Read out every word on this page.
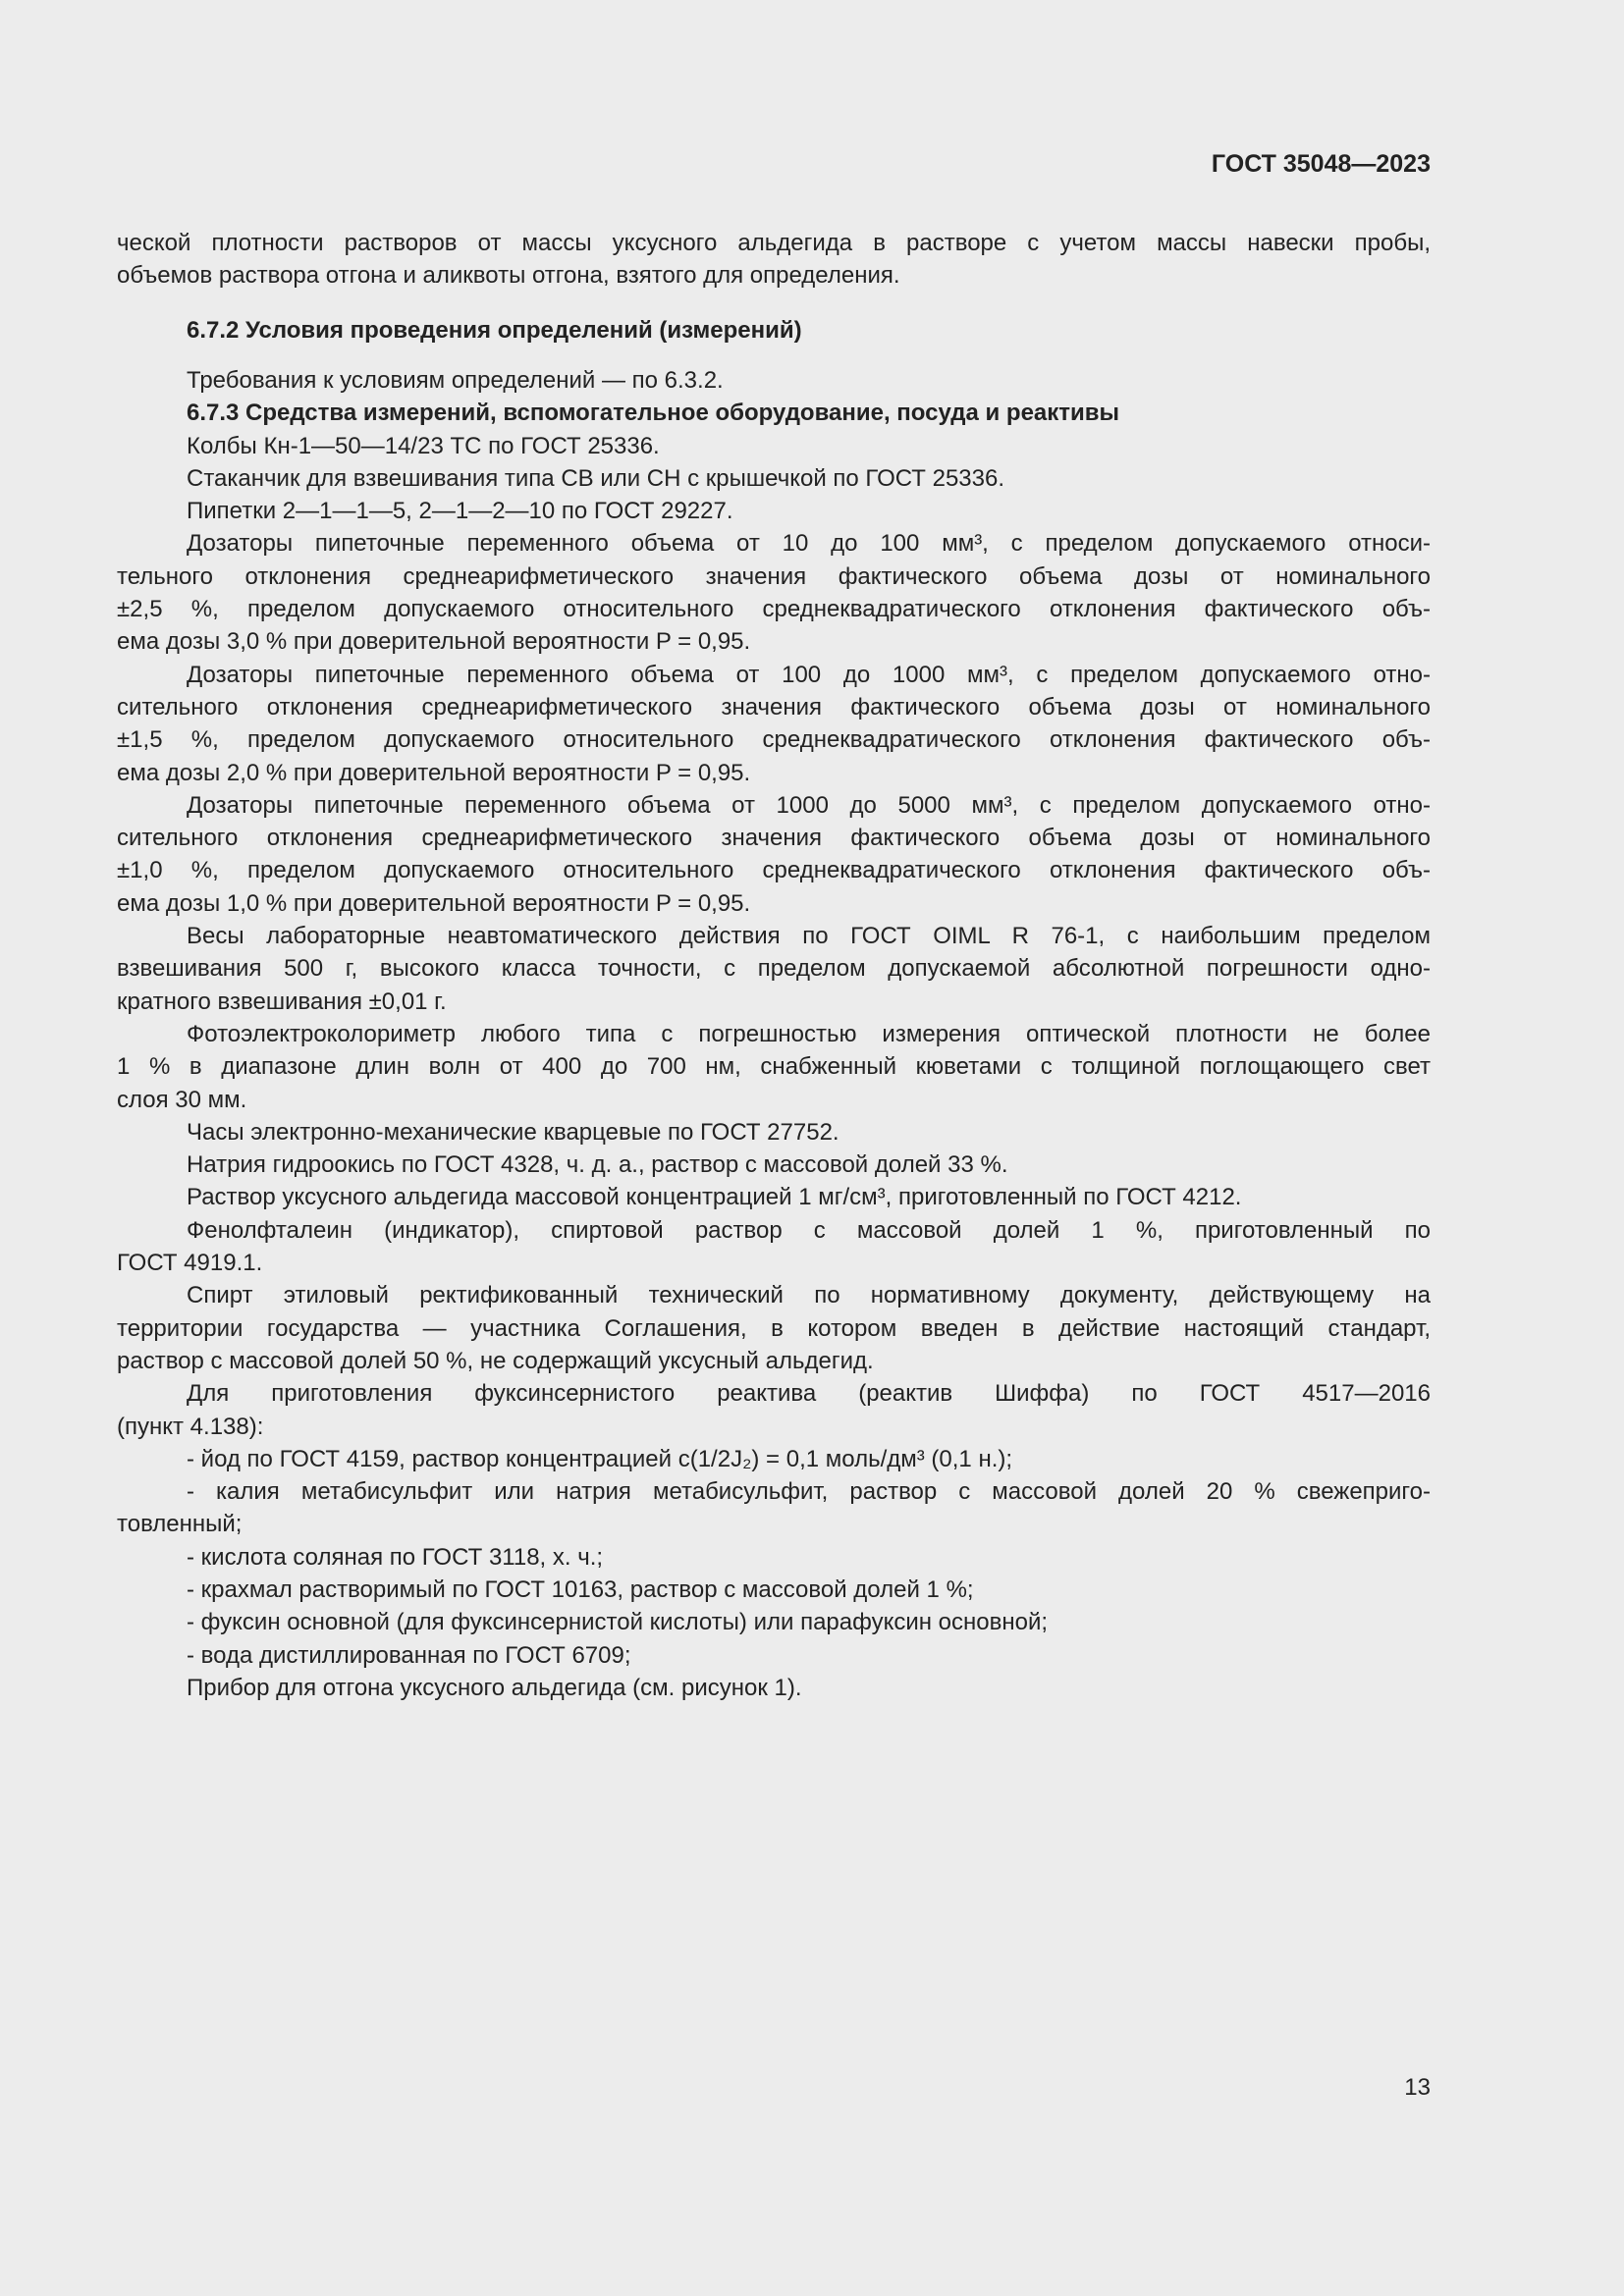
ГОСТ 35048—2023
ческой плотности растворов от массы уксусного альдегида в растворе с учетом массы навески пробы,
объемов раствора отгона и аликвоты отгона, взятого для определения.
6.7.2 Условия проведения определений (измерений)
Требования к условиям определений — по 6.3.2.
6.7.3 Средства измерений, вспомогательное оборудование, посуда и реактивы
Колбы Кн-1—50—14/23 ТС по ГОСТ 25336.
Стаканчик для взвешивания типа СВ или СН с крышечкой по ГОСТ 25336.
Пипетки 2—1—1—5, 2—1—2—10 по ГОСТ 29227.
Дозаторы пипеточные переменного объема от 10 до 100 мм³, с пределом допускаемого относи-
тельного отклонения среднеарифметического значения фактического объема дозы от номинального
±2,5 %, пределом допускаемого относительного среднеквадратического отклонения фактического объ-
ема дозы 3,0 % при доверительной вероятности P = 0,95.
Дозаторы пипеточные переменного объема от 100 до 1000 мм³, с пределом допускаемого отно-
сительного отклонения среднеарифметического значения фактического объема дозы от номинального
±1,5 %, пределом допускаемого относительного среднеквадратического отклонения фактического объ-
ема дозы 2,0 % при доверительной вероятности P = 0,95.
Дозаторы пипеточные переменного объема от 1000 до 5000 мм³, с пределом допускаемого отно-
сительного отклонения среднеарифметического значения фактического объема дозы от номинального
±1,0 %, пределом допускаемого относительного среднеквадратического отклонения фактического объ-
ема дозы 1,0 % при доверительной вероятности P = 0,95.
Весы лабораторные неавтоматического действия по ГОСТ OIML R 76-1, с наибольшим пределом
взвешивания 500 г, высокого класса точности, с пределом допускаемой абсолютной погрешности одно-
кратного взвешивания ±0,01 г.
Фотоэлектроколориметр любого типа с погрешностью измерения оптической плотности не более
1 % в диапазоне длин волн от 400 до 700 нм, снабженный кюветами с толщиной поглощающего свет
слоя 30 мм.
Часы электронно-механические кварцевые по ГОСТ 27752.
Натрия гидроокись по ГОСТ 4328, ч. д. а., раствор с массовой долей 33 %.
Раствор уксусного альдегида массовой концентрацией 1 мг/см³, приготовленный по ГОСТ 4212.
Фенолфталеин (индикатор), спиртовой раствор с массовой долей 1 %, приготовленный по
ГОСТ 4919.1.
Спирт этиловый ректификованный технический по нормативному документу, действующему на
территории государства — участника Соглашения, в котором введен в действие настоящий стандарт,
раствор с массовой долей 50 %, не содержащий уксусный альдегид.
Для приготовления фуксинсернистого реактива (реактив Шиффа) по ГОСТ 4517—2016
(пункт 4.138):
- йод по ГОСТ 4159, раствор концентрацией c(1/2J₂) = 0,1 моль/дм³ (0,1 н.);
- калия метабисульфит или натрия метабисульфит, раствор с массовой долей 20 % свежеприго-
товленный;
- кислота соляная по ГОСТ 3118, х. ч.;
- крахмал растворимый по ГОСТ 10163, раствор с массовой долей 1 %;
- фуксин основной (для фуксинсернистой кислоты) или парафуксин основной;
- вода дистиллированная по ГОСТ 6709;
Прибор для отгона уксусного альдегида (см. рисунок 1).
13
